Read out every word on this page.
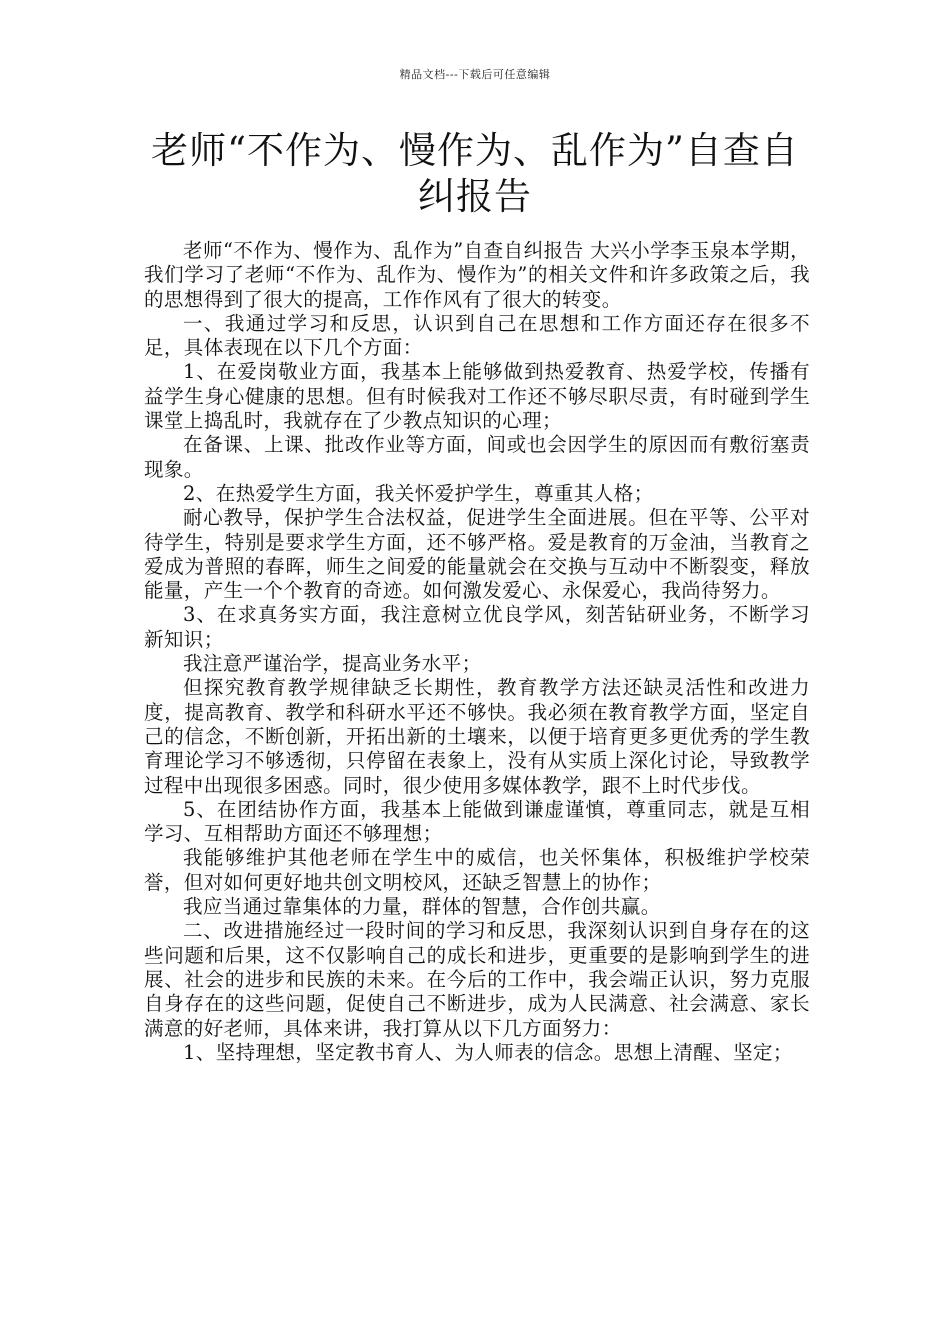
精品文档---下载后可任意编辑
老师“不作为、慢作为、乱作为”自查自纠报告

老师“不作为、慢作为、乱作为”自查自纠报告 大兴小学李玉泉本学期，我们学习了老师“不作为、乱作为、慢作为”的相关文件和许多政策之后，我的思想得到了很大的提高，工作作风有了很大的转变。

一、我通过学习和反思，认识到自己在思想和工作方面还存在很多不足，具体表现在以下几个方面：

1、在爱岗敬业方面，我基本上能够做到热爱教育、热爱学校，传播有益学生身心健康的思想。但有时候我对工作还不够尽职尽责，有时碰到学生课堂上捣乱时，我就存在了少教点知识的心理；

在备课、上课、批改作业等方面，间或也会因学生的原因而有敷衍塞责现象。

2、在热爱学生方面，我关怀爱护学生，尊重其人格；

耐心教导，保护学生合法权益，促进学生全面进展。但在平等、公平对待学生，特别是要求学生方面，还不够严格。爱是教育的万金油，当教育之爱成为普照的春晖，师生之间爱的能量就会在交换与互动中不断裂变，释放能量，产生一个个教育的奇迹。如何激发爱心、永保爱心，我尚待努力。

3、在求真务实方面，我注意树立优良学风，刻苦钻研业务，不断学习新知识；

我注意严谨治学，提高业务水平；

但探究教育教学规律缺乏长期性，教育教学方法还缺灵活性和改进力度，提高教育、教学和科研水平还不够快。我必须在教育教学方面，坚定自己的信念，不断创新，开拓出新的土壤来，以便于培育更多更优秀的学生教育理论学习不够透彻，只停留在表象上，没有从实质上深化讨论，导致教学过程中出现很多困惑。同时，很少使用多媒体教学，跟不上时代步伐。

5、在团结协作方面，我基本上能做到谦虚谨慎，尊重同志，就是互相学习、互相帮助方面还不够理想；

我能够维护其他老师在学生中的威信，也关怀集体，积极维护学校荣誉，但对如何更好地共创文明校风，还缺乏智慧上的协作；

我应当通过靠集体的力量，群体的智慧，合作创共赢。

二、改进措施经过一段时间的学习和反思，我深刻认识到自身存在的这些问题和后果，这不仅影响自己的成长和进步，更重要的是影响到学生的进展、社会的进步和民族的未来。在今后的工作中，我会端正认识，努力克服自身存在的这些问题，促使自己不断进步，成为人民满意、社会满意、家长满意的好老师，具体来讲，我打算从以下几方面努力：

1、坚持理想，坚定教书育人、为人师表的信念。思想上清醒、坚定；
